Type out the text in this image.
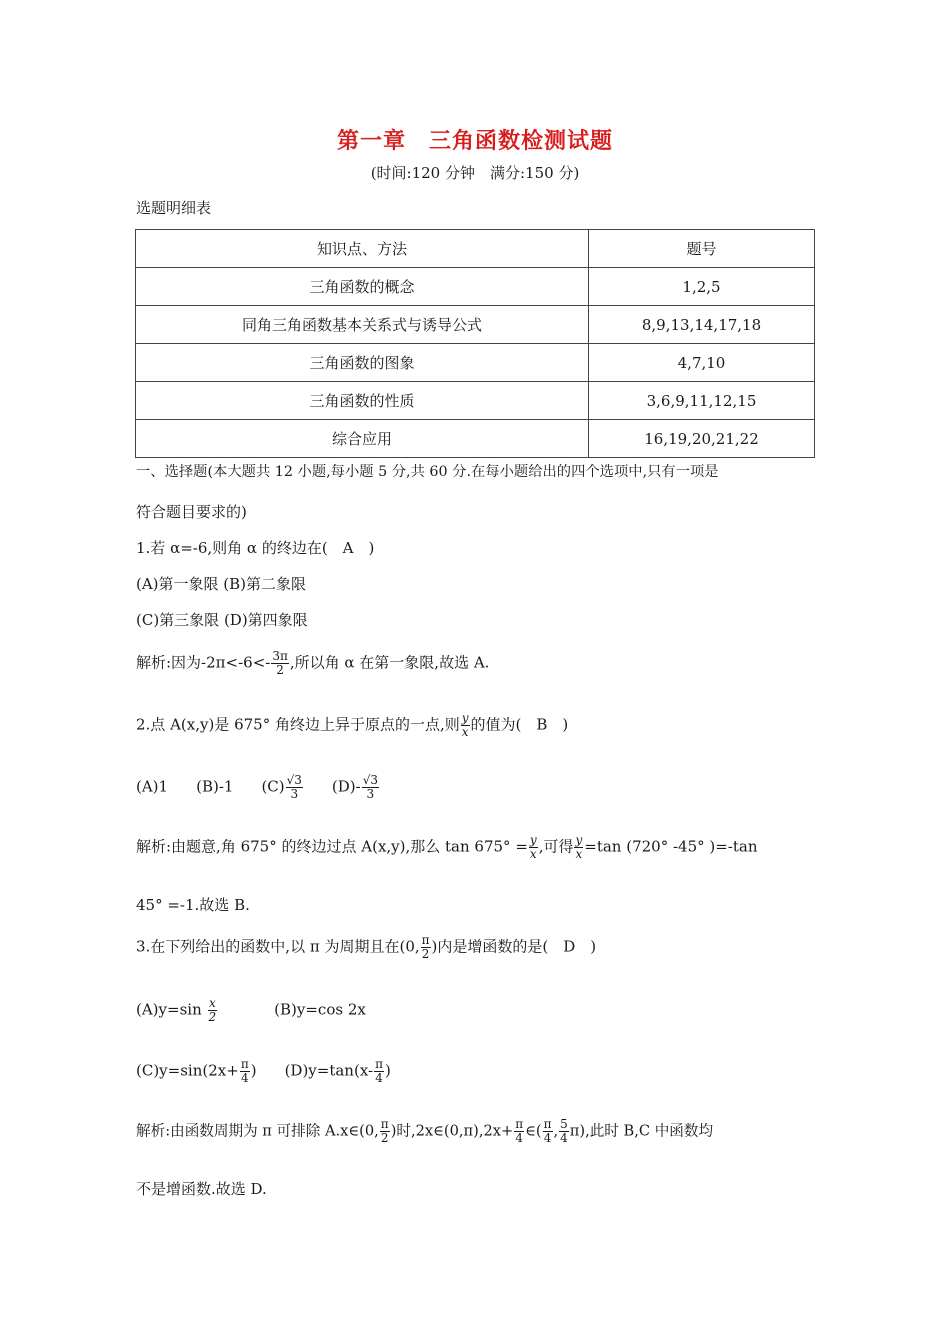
第一章　三角函数检测试题
(时间:120 分钟　满分:150 分)
选题明细表
知识点、方法	题号
三角函数的概念	1,2,5
同角三角函数基本关系式与诱导公式	8,9,13,14,17,18
三角函数的图象	4,7,10
三角函数的性质	3,6,9,11,12,15
综合应用	16,19,20,21,22
一、选择题(本大题共 12 小题,每小题 5 分,共 60 分.在每小题给出的四个选项中,只有一项是
符合题目要求的)
1.若 α=-6,则角 α 的终边在(　A　)
(A)第一象限 (B)第二象限
(C)第三象限 (D)第四象限
解析:因为$-2\pi<-6<- \frac{3\pi}{2}$ ,所以角 α 在第一象限,故选 A.
2.点 A(x,y)是 675° 角终边上异于原点的一点,则 $\frac{y}{x}$ 的值为(　B　)
(A)1 (B)-1 $(C) \frac{√3}{3} (D)- \frac{√3}{3}$
解析:由题意,角 675° 的终边过点 A(x,y),那么 $\tan 675^\circ = \frac{y}{x}$ ,可得 $\frac{y}{x} =\tan$ (720° -45° )=-tan
45° =-1.故选 B.
3.在下列给出的函数中,以 π 为周期且在(0, $\frac{\pi}{2}$ )内是增函数的是(　D　)
$(A)y=\sin \frac{x}{2}$	(B)y=cos 2x
$(C)y=\sin(2x+ \frac{\pi}{4}$ ) $(D)y=\tan(x- \frac{\pi}{4}$ )
解析:由函数周期为 π 可排除 A.x∈(0, $\frac{\pi}{2}$ )时,2x∈(0,π),2x+ $\frac{\pi}{4}$ ∈( $\frac{\pi}{4}$ , $\frac{5}{4} \pi$),此时 B,C 中函数均
不是增函数.故选 D.
